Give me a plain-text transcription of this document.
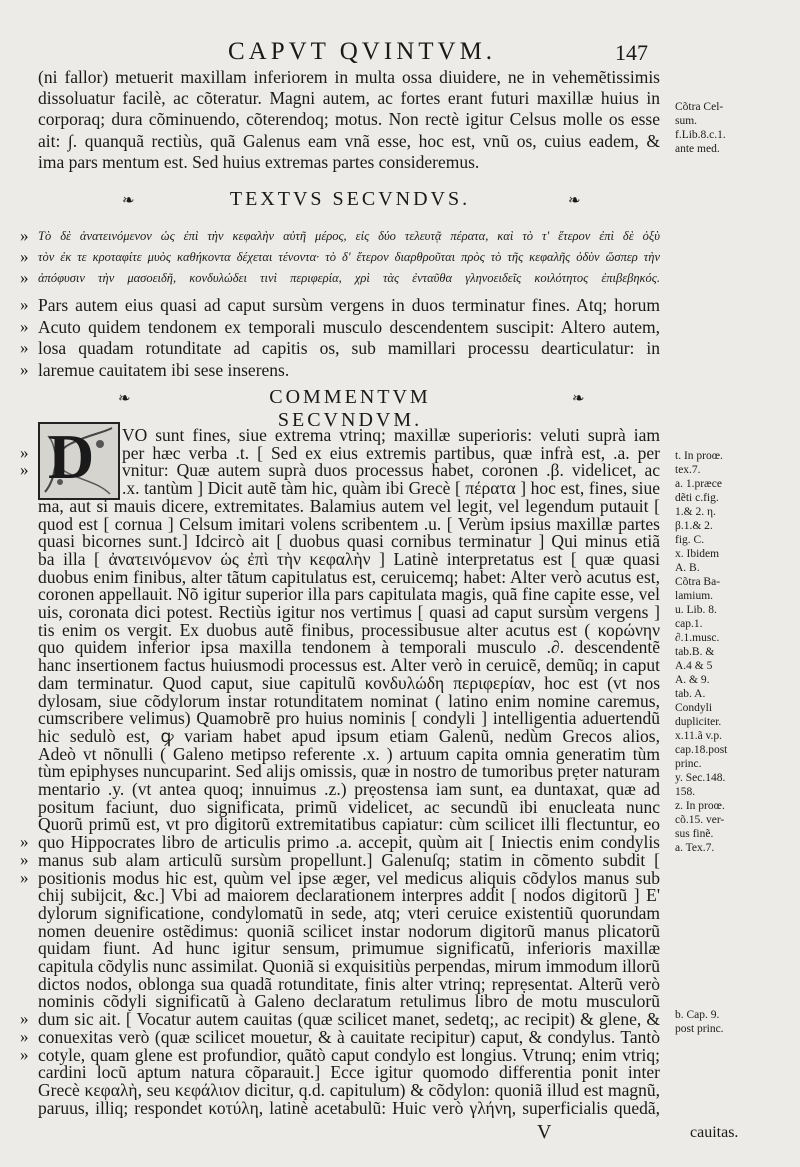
CAPVT QVINTVM.	147
(ni fallor) metuerit maxillam inferiorem in multa ossa diuidere, ne in vehemẽtissimis
dissoluatur facilè, ac cõteratur. Magni autem, ac fortes erant futuri maxillæ huius in
corporaq; dura cõminuendo, cõterendoq; motus. Non rectè igitur Celsus molle os esse
ait: ∫. quanquã rectiùs, quã Galenus eam vnã esse, hoc est, vnũ os, cuius eadem, &
ima pars mentum est. Sed huius extremas partes consideremus.
❧	TEXTVS SECVNDVS.	❧
» Τὸ δὲ ἀνατεινόμενον ὡς ἐπὶ τὴν κεφαλὴν αὐτῆ μέρος, εἰς δύο τελευτᾷ πέρατα, καὶ τὸ τ' ἕτερον ἐπὶ δὲ ὀξὺ
» τὸν ἐκ τε κροταφίτε μυὸς καθήκοντα δέχεται τένοντα· τὸ δ' ἕτερον διαρθροῦται πρὸς τὸ τῆς κεφαλῆς ὀδὺν ὥσπερ τὴν
» ἀπόφυσιν τὴν μασοειδῆ, κονδυλώδει τινὶ περιφερία, χρὶ τὰς ἐνταῦθα γληνοειδεῖς κοιλότητος ἐπιβεβηκός.
» Pars autem eius quasi ad caput sursùm vergens in duos terminatur fines. Atq; horum
» Acuto quidem tendonem ex temporali musculo descendentem suscipit: Altero autem,
» losa quadam rotunditate ad capitis os, sub mamillari processu dearticulatur: in
» laremue cauitatem ibi sese inserens.
❧	COMMENTVM SECVNDVM.
❧
D VO sunt fines, siue extrema vtrinq; maxillæ superioris: veluti suprà iam
»	per hæc verba .t. [ Sed ex eius extremis partibus, quæ infrà est, .a. per
»	vnitur: Quæ autem suprà duos processus habet, coronen .β. videlicet, ac
.x. tantùm ] Dicit autẽ tàm hic, quàm ibi Grecè [ πέρατα ] hoc est, fines, siue
ma, aut si mauis dicere, extremitates. Balamius autem vel legit, vel legendum putauit [
quod est [ cornua ] Celsum imitari volens scribentem .u. [ Verùm ipsius maxillæ partes
quasi bicornes sunt.] Idcircò ait [ duobus quasi cornibus terminatur ] Qui minus etiã
ba illa [ ἀνατεινόμενον ὡς ἐπὶ τὴν κεφαλὴν ] Latinè interpretatus est [ quæ quasi
duobus enim finibus, alter tãtum capitulatus est, ceruicemq; habet: Alter verò acutus est,
coronen appellauit. Nõ igitur superior illa pars capitulata magis, quã fine capite esse, vel
uis, coronata dici potest. Rectiùs igitur nos vertimus [ quasi ad caput sursùm vergens ]
tis enim os vergit. Ex duobus autẽ finibus, processibusue alter acutus est ( κορώνην
quo quidem inferior ipsa maxilla tendonem à temporali musculo .∂. descendentẽ
hanc insertionem factus huiusmodi processus est. Alter verò in ceruicẽ, demũq; in caput
dam terminatur. Quod caput, siue capitulũ κονδυλώδη περιφερίαν, hoc est (vt nos
dylosam, siue cõdylorum instar rotunditatem nominat ( latino enim nomine caremus,
cumscribere velimus) Quamobrẽ pro huius nominis [ condyli ] intelligentia aduertendũ
hic sedulò est, ꝙ variam habet apud ipsum etiam Galenũ, nedùm Grecos alios,
Adeò vt nõnulli ( Galeno metipso referente .x. ) artuum capita omnia generatim tùm
tùm epiphyses nuncuparint. Sed alijs omissis, quæ in nostro de tumoribus prẹter naturam
mentario .y. (vt antea quoq; innuimus .z.) prẹostensa iam sunt, ea duntaxat, quæ ad
positum faciunt, duo significata, primũ videlicet, ac secundũ ibi enucleata nunc
Quorũ primũ est, vt pro digitorũ extremitatibus capiatur: cùm scilicet illi flectuntur, eo
» quo Hippocrates libro de articulis primo .a. accepit, quùm ait [ Iniectis enim condylis
» manus sub alam articulũ sursùm propellunt.] Galenuſq; statim in cõmento subdit [
» positionis modus hic est, quùm vel ipse æger, vel medicus aliquis cõdylos manus sub
chij subijcit, &c.] Vbi ad maiorem declarationem interpres addit [ nodos digitorũ ] E'
dylorum significatione, condylomatũ in sede, atq; vteri ceruice existentiũ quorundam
nomen deuenire ostẽdimus: quoniã scilicet instar nodorum digitorũ manus plicatorũ
quidam fiunt. Ad hunc igitur sensum, primumue significatũ, inferioris maxillæ
capitula cõdylis nunc assimilat. Quoniã si exquisitiùs perpendas, mirum immodum illorũ
dictos nodos, oblonga sua quadã rotunditate, finis alter vtrinq; reprẹsentat. Alterũ verò
nominis cõdyli significatũ à Galeno declaratum retulimus libro de motu musculorũ
» dum sic ait. [ Vocatur autem cauitas (quæ scilicet manet, sedetq;, ac recipit) & glene, &
» conuexitas verò (quæ scilicet mouetur, & à cauitate recipitur) caput, & condylus. Tantò
» cotyle, quam glene est profundior, quãtò caput condylo est longius. Vtrunq; enim vtriq;
cardini locũ aptum natura cõparauit.] Ecce igitur quomodo differentia ponit inter
Grecè κεφαλὴ, seu κεφάλιον dicitur, q.d. capitulum) & cõdylon: quoniã illud est magnũ,
paruus, illiq; respondet κοτύλη, latinè acetabulũ: Huic verò γλήνη, superficialis quedã,
Cõtra Cel-
sum.
f.Lib.8.c.1.
ante med.
t. In proœ.
tex.7.
a. 1.præce
dẽti c.fig.
1.& 2. η.
β.1.& 2.
fig. C.
x. Ibidem
A. B.
Cõtra Ba-
lamium.
u. Lib. 8.
cap.1.
∂.1.musc.
tab.B. &
A.4 & 5
A. & 9.
tab. A.
Condyli
dupliciter.
x.11.ã v.p.
cap.18.post
princ.
y. Sec.148.
158.
z. In proœ.
cõ.15. ver-
sus finẽ.
a. Tex.7.
b. Cap. 9.
post princ.
V	cauitas.
